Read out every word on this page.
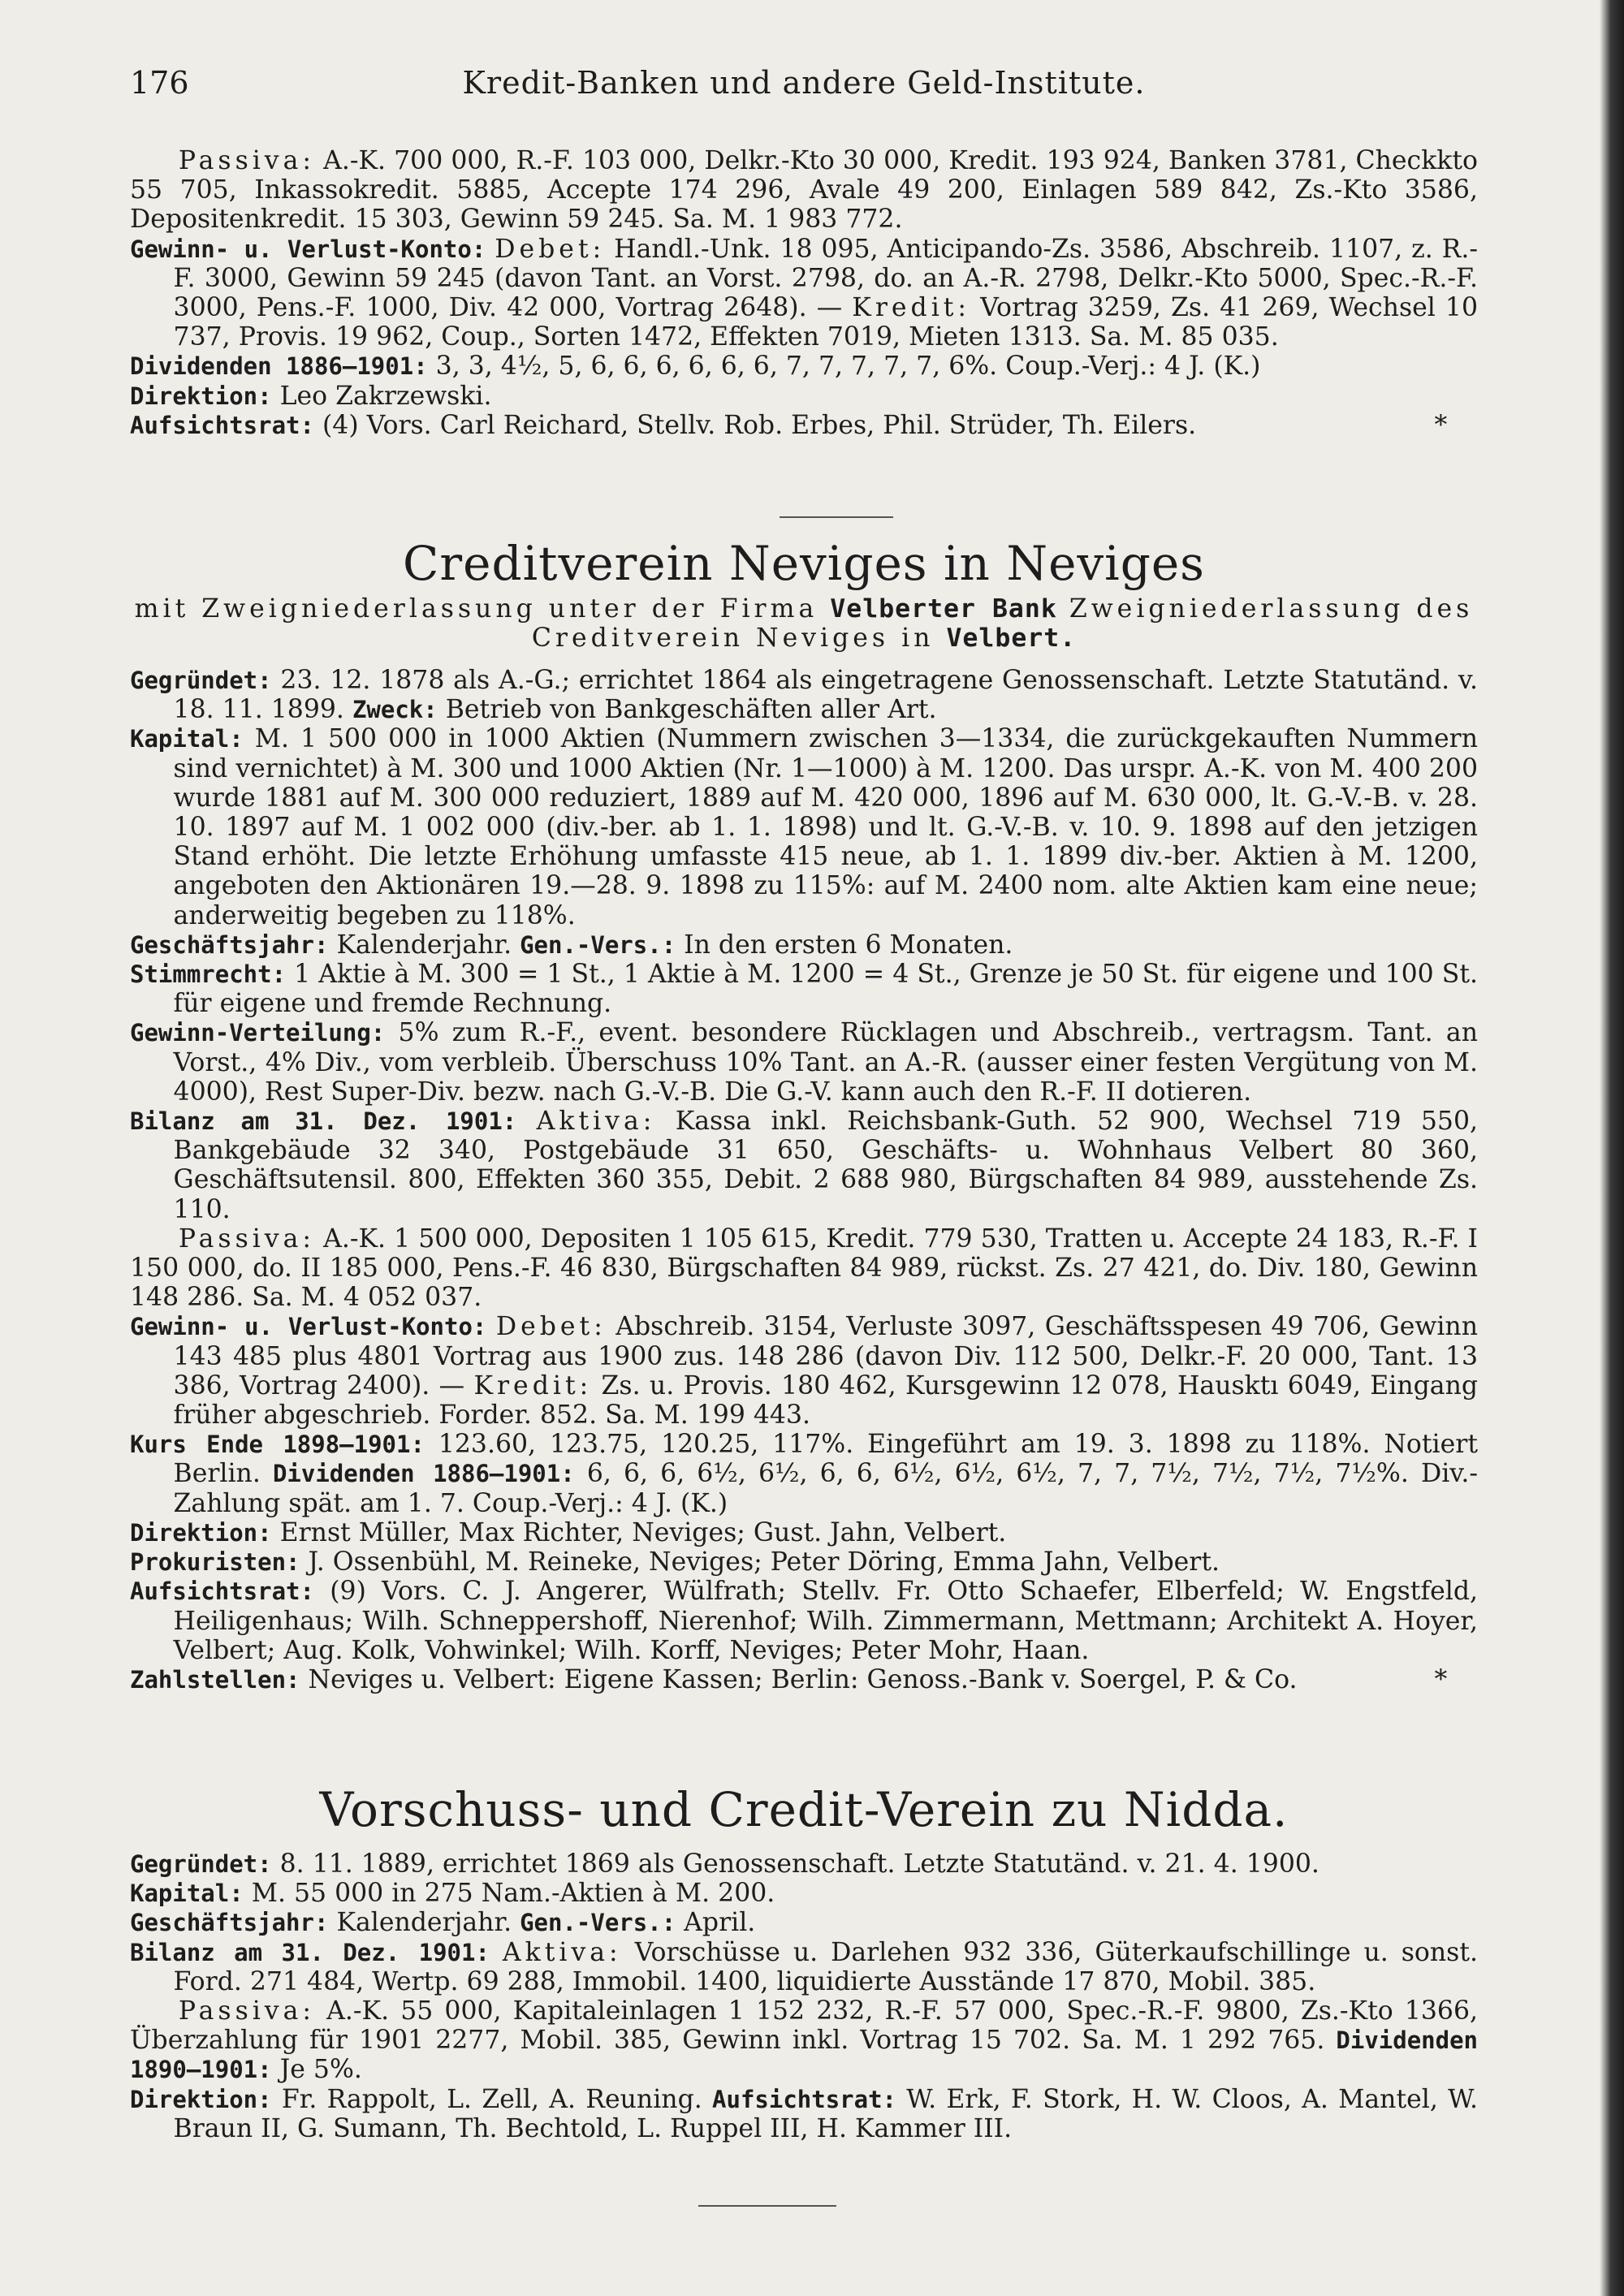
176	Kredit-Banken und andere Geld-Institute.

Passiva: A.-K. 700 000, R.-F. 103 000, Delkr.-Kto 30 000, Kredit. 193 924, Banken 3781, Checkkto 55 705, Inkassokredit. 5885, Accepte 174 296, Avale 49 200, Einlagen 589 842, Zs.-Kto 3586, Depositenkredit. 15 303, Gewinn 59 245. Sa. M. 1 983 772.

Gewinn- u. Verlust-Konto: Debet: Handl.-Unk. 18 095, Anticipando-Zs. 3586, Abschreib. 1107, z. R.-F. 3000, Gewinn 59 245 (davon Tant. an Vorst. 2798, do. an A.-R. 2798, Delkr.-Kto 5000, Spec.-R.-F. 3000, Pens.-F. 1000, Div. 42 000, Vortrag 2648). — Kredit: Vortrag 3259, Zs. 41 269, Wechsel 10 737, Provis. 19 962, Coup., Sorten 1472, Effekten 7019, Mieten 1313. Sa. M. 85 035.

Dividenden 1886—1901: 3, 3, 4½, 5, 6, 6, 6, 6, 6, 6, 7, 7, 7, 7, 7, 6%. Coup.-Verj.: 4 J. (K.)

Direktion: Leo Zakrzewski.

Aufsichtsrat: (4) Vors. Carl Reichard, Stellv. Rob. Erbes, Phil. Strüder, Th. Eilers.	*

Creditverein Neviges in Neviges
mit Zweigniederlassung unter der Firma Velberter Bank Zweigniederlassung des Creditverein Neviges in Velbert.

Gegründet: 23. 12. 1878 als A.-G.; errichtet 1864 als eingetragene Genossenschaft. Letzte Statutänd. v. 18. 11. 1899. Zweck: Betrieb von Bankgeschäften aller Art.

Kapital: M. 1 500 000 in 1000 Aktien (Nummern zwischen 3—1334, die zurückgekauften Nummern sind vernichtet) à M. 300 und 1000 Aktien (Nr. 1—1000) à M. 1200. Das urspr. A.-K. von M. 400 200 wurde 1881 auf M. 300 000 reduziert, 1889 auf M. 420 000, 1896 auf M. 630 000, lt. G.-V.-B. v. 28. 10. 1897 auf M. 1 002 000 (div.-ber. ab 1. 1. 1898) und lt. G.-V.-B. v. 10. 9. 1898 auf den jetzigen Stand erhöht. Die letzte Erhöhung umfasste 415 neue, ab 1. 1. 1899 div.-ber. Aktien à M. 1200, angeboten den Aktionären 19.—28. 9. 1898 zu 115%: auf M. 2400 nom. alte Aktien kam eine neue; anderweitig begeben zu 118%.

Geschäftsjahr: Kalenderjahr. Gen.-Vers.: In den ersten 6 Monaten.

Stimmrecht: 1 Aktie à M. 300 = 1 St., 1 Aktie à M. 1200 = 4 St., Grenze je 50 St. für eigene und 100 St. für eigene und fremde Rechnung.

Gewinn-Verteilung: 5% zum R.-F., event. besondere Rücklagen und Abschreib., vertragsm. Tant. an Vorst., 4% Div., vom verbleib. Überschuss 10% Tant. an A.-R. (ausser einer festen Vergütung von M. 4000), Rest Super-Div. bezw. nach G.-V.-B. Die G.-V. kann auch den R.-F. II dotieren.

Bilanz am 31. Dez. 1901: Aktiva: Kassa inkl. Reichsbank-Guth. 52 900, Wechsel 719 550, Bankgebäude 32 340, Postgebäude 31 650, Geschäfts- u. Wohnhaus Velbert 80 360, Geschäftsutensil. 800, Effekten 360 355, Debit. 2 688 980, Bürgschaften 84 989, ausstehende Zs. 110.

Passiva: A.-K. 1 500 000, Depositen 1 105 615, Kredit. 779 530, Tratten u. Accepte 24 183, R.-F. I 150 000, do. II 185 000, Pens.-F. 46 830, Bürgschaften 84 989, rückst. Zs. 27 421, do. Div. 180, Gewinn 148 286. Sa. M. 4 052 037.

Gewinn- u. Verlust-Konto: Debet: Abschreib. 3154, Verluste 3097, Geschäftsspesen 49 706, Gewinn 143 485 plus 4801 Vortrag aus 1900 zus. 148 286 (davon Div. 112 500, Delkr.-F. 20 000, Tant. 13 386, Vortrag 2400). — Kredit: Zs. u. Provis. 180 462, Kursgewinn 12 078, Hausktı 6049, Eingang früher abgeschrieb. Forder. 852. Sa. M. 199 443.

Kurs Ende 1898—1901: 123.60, 123.75, 120.25, 117%. Eingeführt am 19. 3. 1898 zu 118%. Notiert Berlin. Dividenden 1886—1901: 6, 6, 6, 6½, 6½, 6, 6, 6½, 6½, 6½, 7, 7, 7½, 7½, 7½, 7½%. Div.-Zahlung spät. am 1. 7. Coup.-Verj.: 4 J. (K.)

Direktion: Ernst Müller, Max Richter, Neviges; Gust. Jahn, Velbert.

Prokuristen: J. Ossenbühl, M. Reineke, Neviges; Peter Döring, Emma Jahn, Velbert.

Aufsichtsrat: (9) Vors. C. J. Angerer, Wülfrath; Stellv. Fr. Otto Schaefer, Elberfeld; W. Engstfeld, Heiligenhaus; Wilh. Schneppershoff, Nierenhof; Wilh. Zimmermann, Mettmann; Architekt A. Hoyer, Velbert; Aug. Kolk, Vohwinkel; Wilh. Korff, Neviges; Peter Mohr, Haan.

Zahlstellen: Neviges u. Velbert: Eigene Kassen; Berlin: Genoss.-Bank v. Soergel, P. & Co.	*

Vorschuss- und Credit-Verein zu Nidda.

Gegründet: 8. 11. 1889, errichtet 1869 als Genossenschaft. Letzte Statutänd. v. 21. 4. 1900.

Kapital: M. 55 000 in 275 Nam.-Aktien à M. 200.

Geschäftsjahr: Kalenderjahr. Gen.-Vers.: April.

Bilanz am 31. Dez. 1901: Aktiva: Vorschüsse u. Darlehen 932 336, Güterkaufschillinge u. sonst. Ford. 271 484, Wertp. 69 288, Immobil. 1400, liquidierte Ausstände 17 870, Mobil. 385.

Passiva: A.-K. 55 000, Kapitaleinlagen 1 152 232, R.-F. 57 000, Spec.-R.-F. 9800, Zs.-Kto 1366, Überzahlung für 1901 2277, Mobil. 385, Gewinn inkl. Vortrag 15 702. Sa. M. 1 292 765. Dividenden 1890—1901: Je 5%.

Direktion: Fr. Rappolt, L. Zell, A. Reuning. Aufsichtsrat: W. Erk, F. Stork, H. W. Cloos, A. Mantel, W. Braun II, G. Sumann, Th. Bechtold, L. Ruppel III, H. Kammer III.
